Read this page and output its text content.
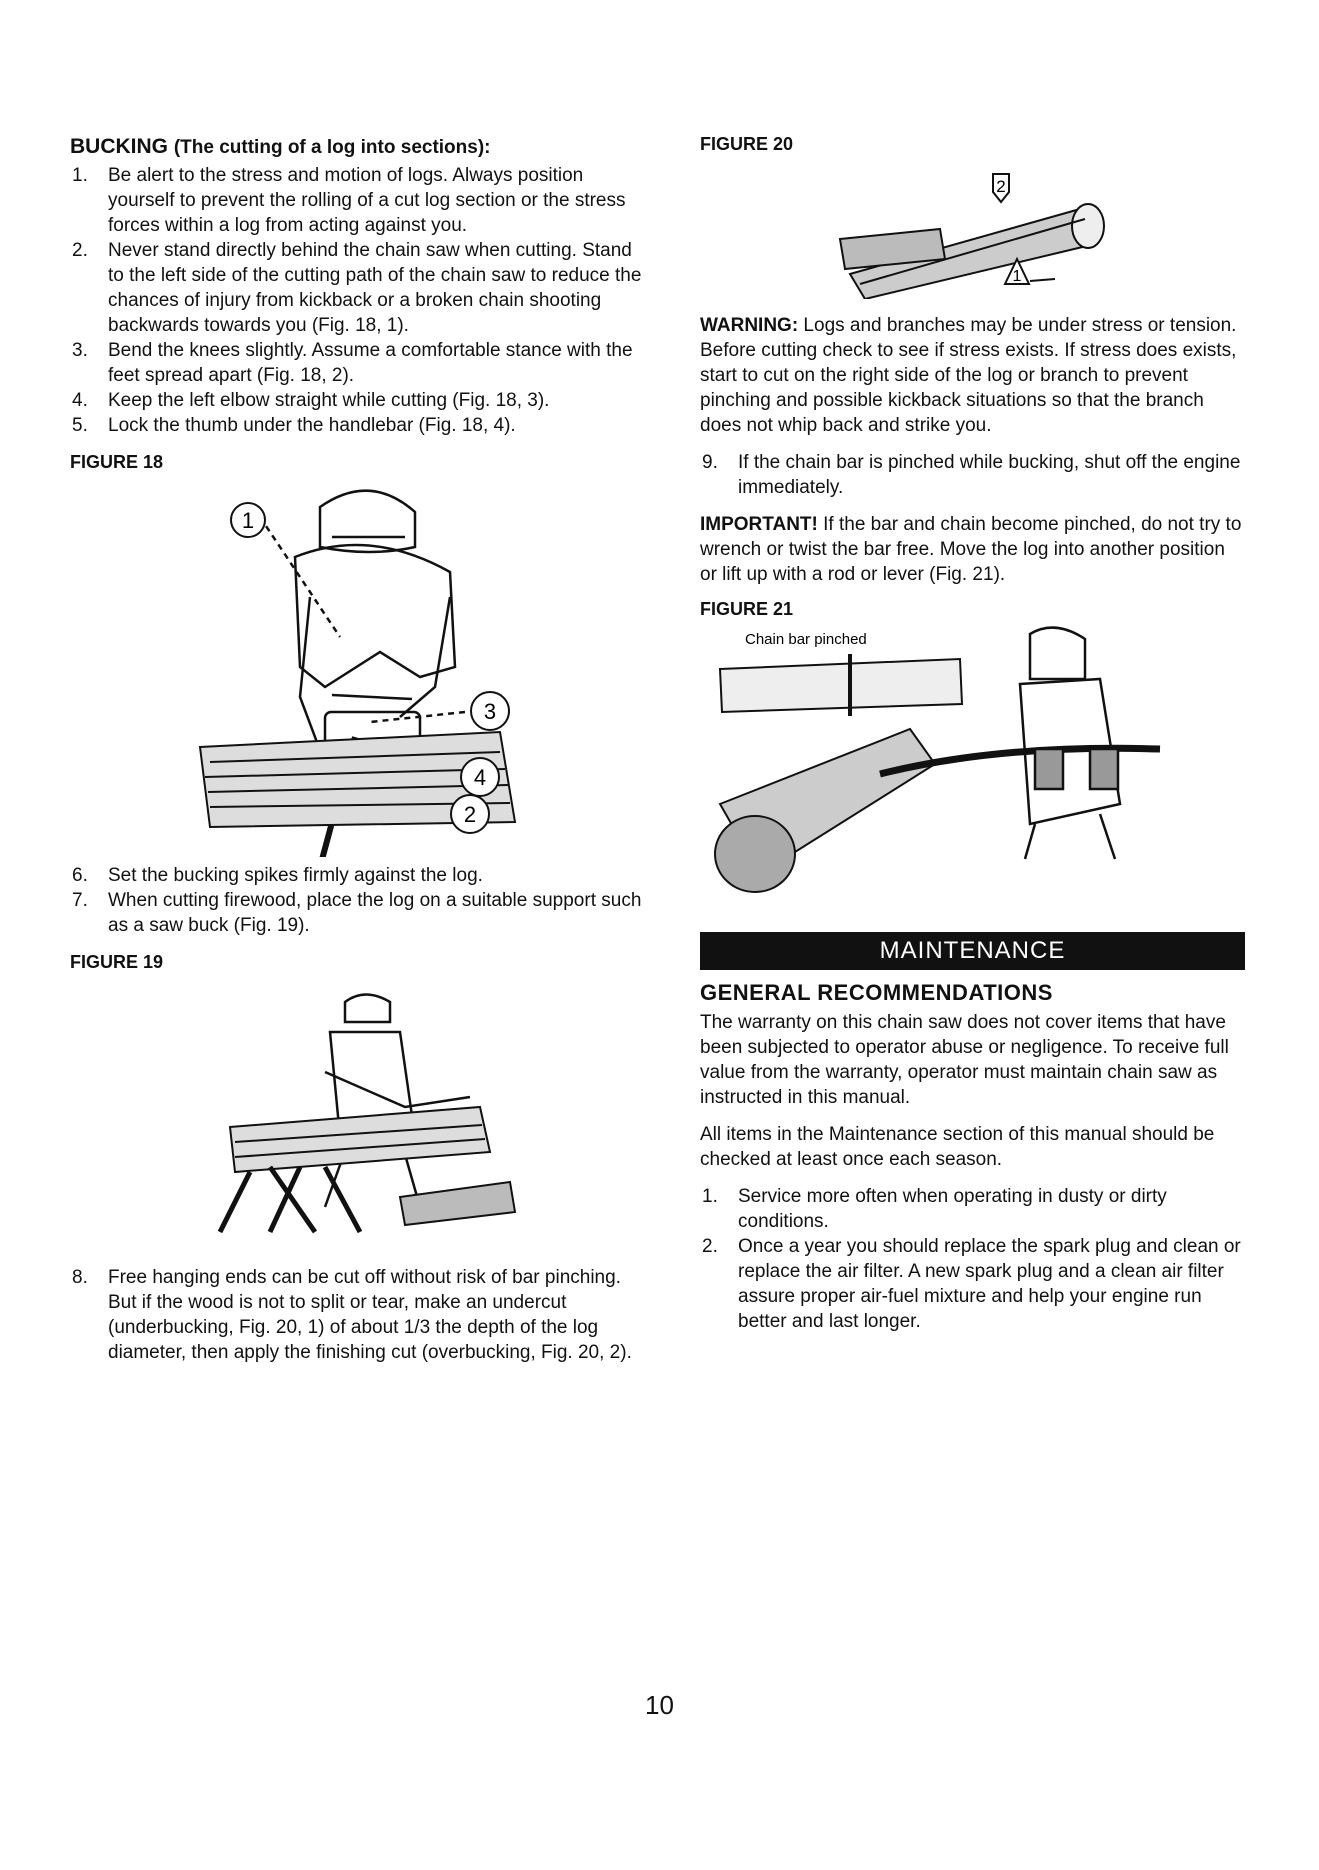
BUCKING (The cutting of a log into sections):
1. Be alert to the stress and motion of logs. Always position yourself to prevent the rolling of a cut log section or the stress forces within a log from acting against you.
2. Never stand directly behind the chain saw when cutting. Stand to the left side of the cutting path of the chain saw to reduce the chances of injury from kickback or a broken chain shooting backwards towards you (Fig. 18, 1).
3. Bend the knees slightly. Assume a comfortable stance with the feet spread apart (Fig. 18, 2).
4. Keep the left elbow straight while cutting (Fig. 18, 3).
5. Lock the thumb under the handlebar (Fig. 18, 4).
FIGURE 18
1
3
4
2
6. Set the bucking spikes firmly against the log.
7. When cutting firewood, place the log on a suitable support such as a saw buck (Fig. 19).
FIGURE 19
8. Free hanging ends can be cut off without risk of bar pinching. But if the wood is not to split or tear, make an undercut (underbucking, Fig. 20, 1) of about 1/3 the depth of the log diameter, then apply the finishing cut (overbucking, Fig. 20, 2).
FIGURE 20
2
1

WARNING: Logs and branches may be under stress or tension. Before cutting check to see if stress exists. If stress does exists, start to cut on the right side of the log or branch to prevent pinching and possible kickback situations so that the branch does not whip back and strike you.

9. If the chain bar is pinched while bucking, shut off the engine immediately.

IMPORTANT! If the bar and chain become pinched, do not try to wrench or twist the bar free. Move the log into another position or lift up with a rod or lever (Fig. 21).

FIGURE 21
Chain bar pinched
MAINTENANCE
GENERAL RECOMMENDATIONS

The warranty on this chain saw does not cover items that have been subjected to operator abuse or negligence. To receive full value from the warranty, operator must maintain chain saw as instructed in this manual.

All items in the Maintenance section of this manual should be checked at least once each season.

1. Service more often when operating in dusty or dirty conditions.
2. Once a year you should replace the spark plug and clean or replace the air filter. A new spark plug and a clean air filter assure proper air-fuel mixture and help your engine run better and last longer.
10
